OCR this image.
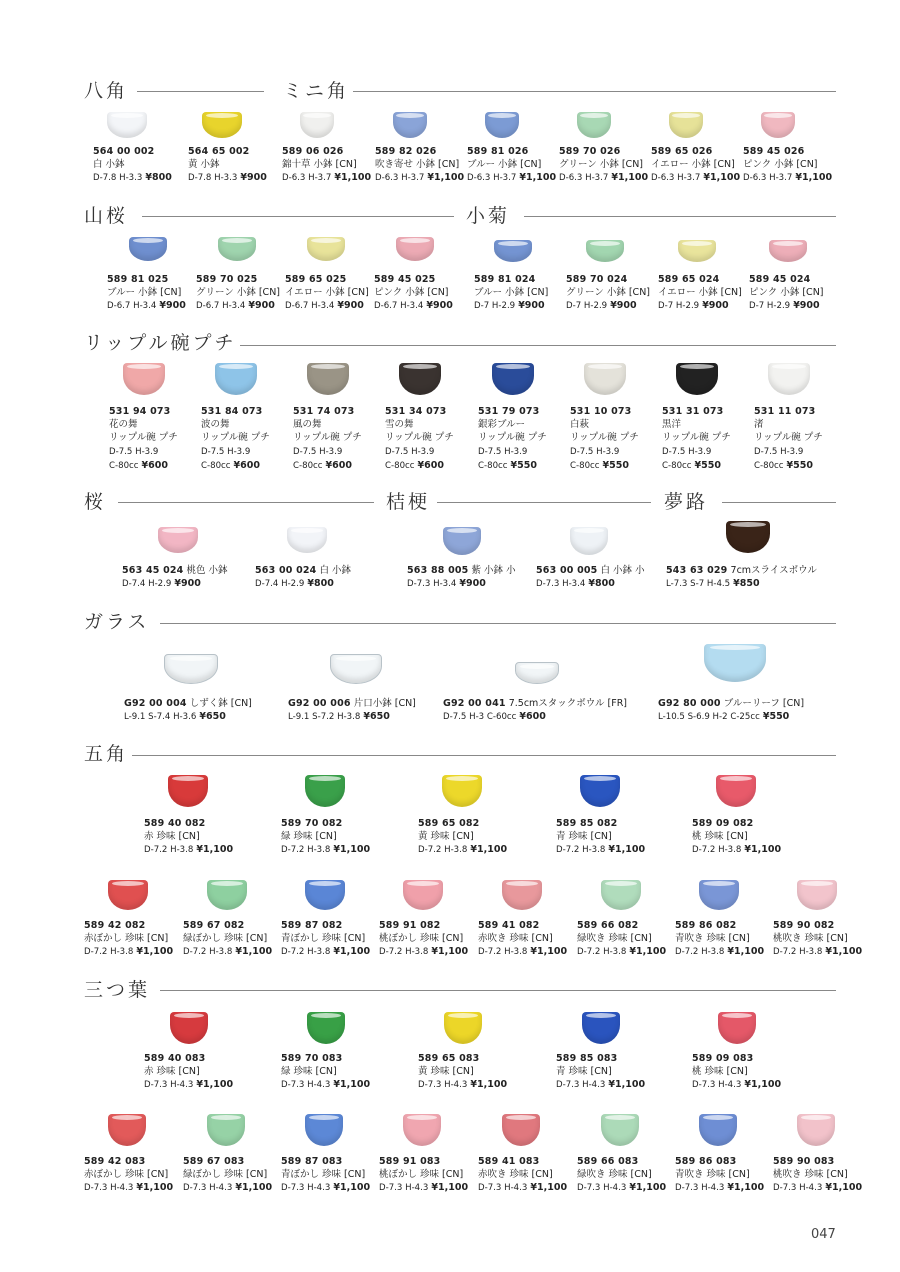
八角	ミニ角
564 00 002
白 小鉢
D-7.8 H-3.3 ¥800
564 65 002
黄 小鉢
D-7.8 H-3.3 ¥900
589 06 026
錦十草 小鉢 [CN]
D-6.3 H-3.7 ¥1,100
589 82 026
吹き寄せ 小鉢 [CN]
D-6.3 H-3.7 ¥1,100
589 81 026
ブルー 小鉢 [CN]
D-6.3 H-3.7 ¥1,100
589 70 026
グリーン 小鉢 [CN]
D-6.3 H-3.7 ¥1,100
589 65 026
イエロー 小鉢 [CN]
D-6.3 H-3.7 ¥1,100
589 45 026
ピンク 小鉢 [CN]
D-6.3 H-3.7 ¥1,100
山桜	小菊
589 81 025
ブルー 小鉢 [CN]
D-6.7 H-3.4 ¥900
589 70 025
グリーン 小鉢 [CN]
D-6.7 H-3.4 ¥900
589 65 025
イエロー 小鉢 [CN]
D-6.7 H-3.4 ¥900
589 45 025
ピンク 小鉢 [CN]
D-6.7 H-3.4 ¥900
589 81 024
ブルー 小鉢 [CN]
D-7 H-2.9 ¥900
589 70 024
グリーン 小鉢 [CN]
D-7 H-2.9 ¥900
589 65 024
イエロー 小鉢 [CN]
D-7 H-2.9 ¥900
589 45 024
ピンク 小鉢 [CN]
D-7 H-2.9 ¥900
リップル碗プチ
531 94 073
花の舞
リップル碗 プチ
D-7.5 H-3.9
C-80cc ¥600
531 84 073
波の舞
リップル碗 プチ
D-7.5 H-3.9
C-80cc ¥600
531 74 073
風の舞
リップル碗 プチ
D-7.5 H-3.9
C-80cc ¥600
531 34 073
雪の舞
リップル碗 プチ
D-7.5 H-3.9
C-80cc ¥600
531 79 073
銀彩ブルー
リップル碗 プチ
D-7.5 H-3.9
C-80cc ¥550
531 10 073
白萩
リップル碗 プチ
D-7.5 H-3.9
C-80cc ¥550
531 31 073
黒洋
リップル碗 プチ
D-7.5 H-3.9
C-80cc ¥550
531 11 073
渚
リップル碗 プチ
D-7.5 H-3.9
C-80cc ¥550
桜	桔梗	夢路
563 45 024 桃色 小鉢
D-7.4 H-2.9 ¥900
563 00 024 白 小鉢
D-7.4 H-2.9 ¥800
563 88 005 紫 小鉢 小
D-7.3 H-3.4 ¥900
563 00 005 白 小鉢 小
D-7.3 H-3.4 ¥800
543 63 029 7cmスライスボウル
L-7.3 S-7 H-4.5 ¥850
ガラス
G92 00 004 しずく鉢 [CN]
L-9.1 S-7.4 H-3.6 ¥650
G92 00 006 片口小鉢 [CN]
L-9.1 S-7.2 H-3.8 ¥650
G92 00 041 7.5cmスタックボウル [FR]
D-7.5 H-3 C-60cc ¥600
G92 80 000 ブルーリーフ [CN]
L-10.5 S-6.9 H-2 C-25cc ¥550
五角
589 40 082
赤 珍味 [CN]
D-7.2 H-3.8 ¥1,100
589 70 082
緑 珍味 [CN]
D-7.2 H-3.8 ¥1,100
589 65 082
黄 珍味 [CN]
D-7.2 H-3.8 ¥1,100
589 85 082
青 珍味 [CN]
D-7.2 H-3.8 ¥1,100
589 09 082
桃 珍味 [CN]
D-7.2 H-3.8 ¥1,100
589 42 082
赤ぼかし 珍味 [CN]
D-7.2 H-3.8 ¥1,100
589 67 082
緑ぼかし 珍味 [CN]
D-7.2 H-3.8 ¥1,100
589 87 082
青ぼかし 珍味 [CN]
D-7.2 H-3.8 ¥1,100
589 91 082
桃ぼかし 珍味 [CN]
D-7.2 H-3.8 ¥1,100
589 41 082
赤吹き 珍味 [CN]
D-7.2 H-3.8 ¥1,100
589 66 082
緑吹き 珍味 [CN]
D-7.2 H-3.8 ¥1,100
589 86 082
青吹き 珍味 [CN]
D-7.2 H-3.8 ¥1,100
589 90 082
桃吹き 珍味 [CN]
D-7.2 H-3.8 ¥1,100
三つ葉
589 40 083
赤 珍味 [CN]
D-7.3 H-4.3 ¥1,100
589 70 083
緑 珍味 [CN]
D-7.3 H-4.3 ¥1,100
589 65 083
黄 珍味 [CN]
D-7.3 H-4.3 ¥1,100
589 85 083
青 珍味 [CN]
D-7.3 H-4.3 ¥1,100
589 09 083
桃 珍味 [CN]
D-7.3 H-4.3 ¥1,100
589 42 083
赤ぼかし 珍味 [CN]
D-7.3 H-4.3 ¥1,100
589 67 083
緑ぼかし 珍味 [CN]
D-7.3 H-4.3 ¥1,100
589 87 083
青ぼかし 珍味 [CN]
D-7.3 H-4.3 ¥1,100
589 91 083
桃ぼかし 珍味 [CN]
D-7.3 H-4.3 ¥1,100
589 41 083
赤吹き 珍味 [CN]
D-7.3 H-4.3 ¥1,100
589 66 083
緑吹き 珍味 [CN]
D-7.3 H-4.3 ¥1,100
589 86 083
青吹き 珍味 [CN]
D-7.3 H-4.3 ¥1,100
589 90 083
桃吹き 珍味 [CN]
D-7.3 H-4.3 ¥1,100
047
